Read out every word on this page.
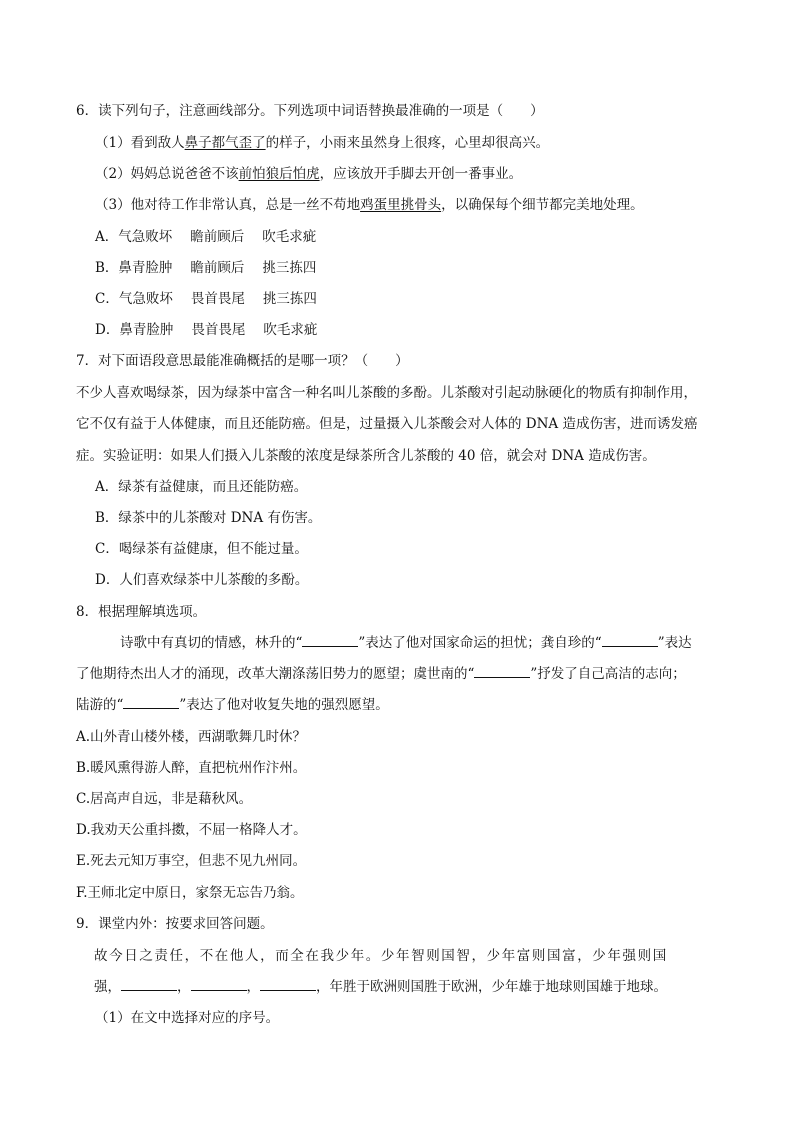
6．读下列句子，注意画线部分。下列选项中词语替换最准确的一项是（　　）
（1）看到敌人鼻子都气歪了的样子，小雨来虽然身上很疼，心里却很高兴。
（2）妈妈总说爸爸不该前怕狼后怕虎，应该放开手脚去开创一番事业。
（3）他对待工作非常认真，总是一丝不苟地鸡蛋里挑骨头，以确保每个细节都完美地处理。
A．气急败坏 瞻前顾后 吹毛求疵
B．鼻青脸肿 瞻前顾后 挑三拣四
C．气急败坏 畏首畏尾 挑三拣四
D．鼻青脸肿 畏首畏尾 吹毛求疵
7．对下面语段意思最能准确概括的是哪一项？（　　）
不少人喜欢喝绿茶，因为绿茶中富含一种名叫儿茶酸的多酚。儿茶酸对引起动脉硬化的物质有抑制作用，
它不仅有益于人体健康，而且还能防癌。但是，过量摄入儿茶酸会对人体的 DNA 造成伤害，进而诱发癌
症。实验证明：如果人们摄入儿茶酸的浓度是绿茶所含儿茶酸的 40 倍，就会对 DNA 造成伤害。
A．绿茶有益健康，而且还能防癌。
B．绿茶中的儿茶酸对 DNA 有伤害。
C．喝绿茶有益健康，但不能过量。
D．人们喜欢绿茶中儿茶酸的多酚。
8．根据理解填选项。
诗歌中有真切的情感，林升的“	”表达了他对国家命运的担忧；龚自珍的“	”表达
了他期待杰出人才的涌现，改革大潮涤荡旧势力的愿望；虞世南的“	”抒发了自己高洁的志向；
陆游的“	”表达了他对收复失地的强烈愿望。
A.山外青山楼外楼，西湖歌舞几时休？
B.暖风熏得游人醉，直把杭州作汴州。
C.居高声自远，非是藉秋风。
D.我劝天公重抖擞，不屈一格降人才。
E.死去元知万事空，但悲不见九州同。
F.王师北定中原日，家祭无忘告乃翁。
9．课堂内外：按要求回答问题。
故今日之责任，不在他人，而全在我少年。少年智则国智，少年富则国富，少年强则国
强，	，	，	，年胜于欧洲则国胜于欧洲，少年雄于地球则国雄于地球。
（1）在文中选择对应的序号。
